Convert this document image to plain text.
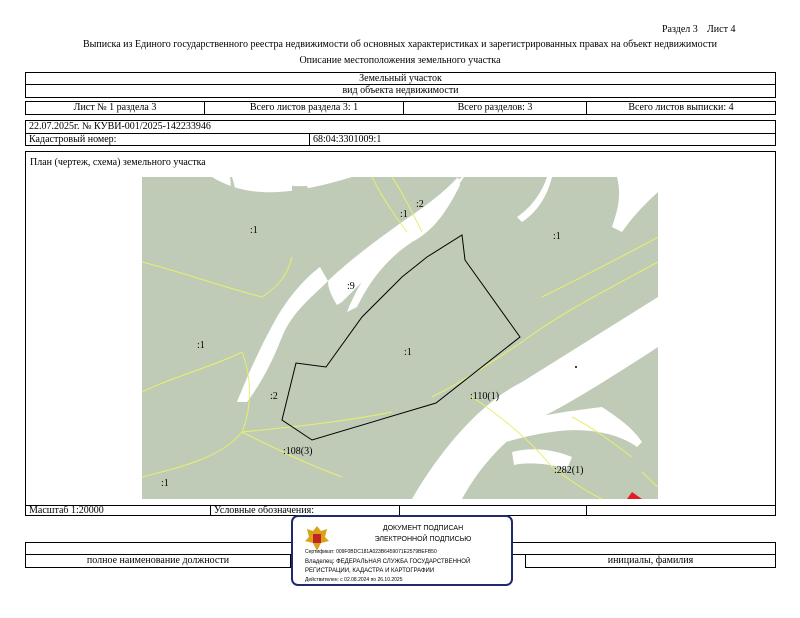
Раздел 3 Лист 4
Выписка из Единого государственного реестра недвижимости об основных характеристиках и зарегистрированных правах на объект недвижимости
Описание местоположения земельного участка
Земельный участок
вид объекта недвижимости
Лист № 1 раздела 3	Всего листов раздела 3: 1	Всего разделов: 3	Всего листов выписки: 4
22.07.2025г. № КУВИ-001/2025-142233946
Кадастровый номер:	68:04:3301009:1
План (чертеж, схема) земельного участка
:1
:2
:1
:1
:9
:1
:1
:2	:110(1)
:108(3)
:282(1)
:1
Масштаб 1:20000	Условные обозначения:
полное наименование должности	инициалы, фамилия
ДОКУМЕНТ ПОДПИСАН
ЭЛЕКТРОННОЙ ПОДПИСЬЮ
Сертификат: 009F0BDC181A023B6459071E2579BEFB50
Владелец: ФЕДЕРАЛЬНАЯ СЛУЖБА ГОСУДАРСТВЕННОЙ
РЕГИСТРАЦИИ, КАДАСТРА И КАРТОГРАФИИ
Действителен: с 02.08.2024 по 26.10.2025
